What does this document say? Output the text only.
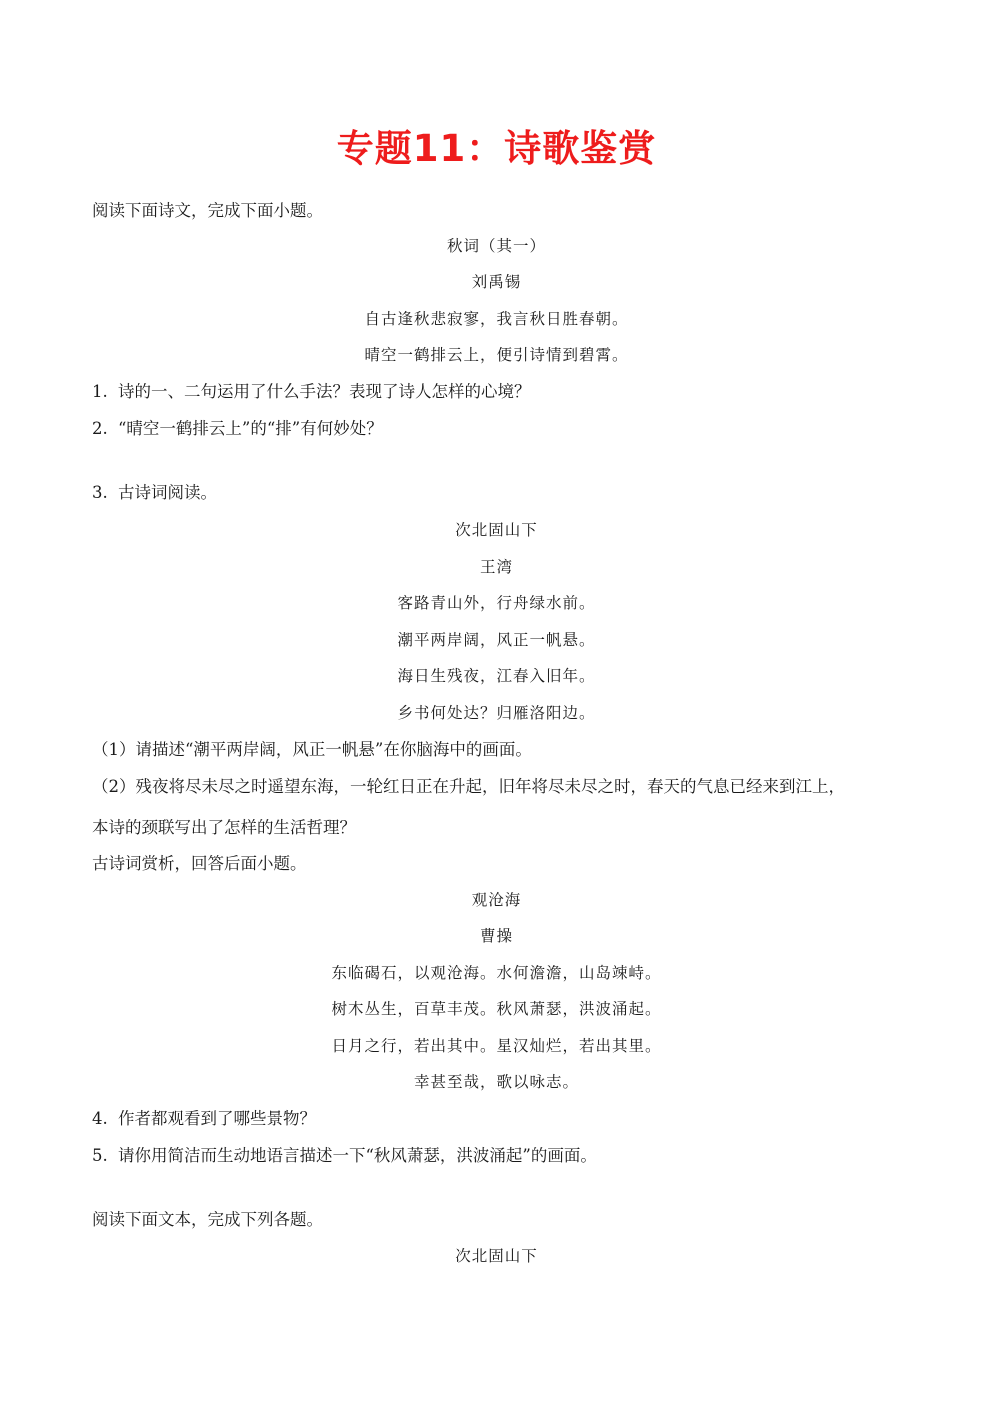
专题11：诗歌鉴赏
阅读下面诗文，完成下面小题。
秋词（其一）
刘禹锡
自古逢秋悲寂寥，我言秋日胜春朝。
晴空一鹤排云上，便引诗情到碧霄。
1. 诗的一、二句运用了什么手法？表现了诗人怎样的心境？
2. “晴空一鹤排云上”的“排”有何妙处？
3. 古诗词阅读。
次北固山下
王湾
客路青山外，行舟绿水前。
潮平两岸阔，风正一帆悬。
海日生残夜，江春入旧年。
乡书何处达？归雁洛阳边。
（1）请描述“潮平两岸阔，风正一帆悬”在你脑海中的画面。
（2）残夜将尽未尽之时遥望东海，一轮红日正在升起，旧年将尽未尽之时，春天的气息已经来到江上，
本诗的颈联写出了怎样的生活哲理？
古诗词赏析，回答后面小题。
观沧海
曹操
东临碣石，以观沧海。水何澹澹，山岛竦峙。
树木丛生，百草丰茂。秋风萧瑟，洪波涌起。
日月之行，若出其中。星汉灿烂，若出其里。
幸甚至哉，歌以咏志。
4. 作者都观看到了哪些景物？
5. 请你用简洁而生动地语言描述一下“秋风萧瑟，洪波涌起”的画面。
阅读下面文本，完成下列各题。
次北固山下
